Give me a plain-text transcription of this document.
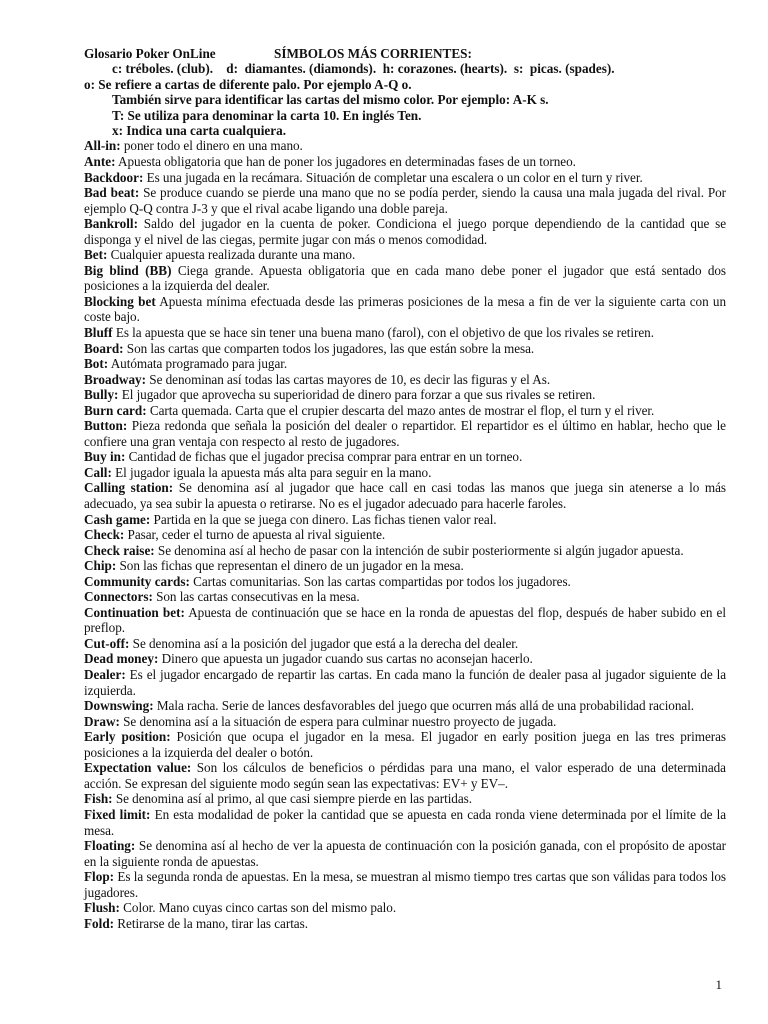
Glosario Poker OnLine	SÍMBOLOS MÁS CORRIENTES:
c: tréboles. (club).    d:  diamantes. (diamonds).  h: corazones. (hearts).  s:  picas. (spades).
o: Se refiere a cartas de diferente palo. Por ejemplo A-Q o.
También sirve para identificar las cartas del mismo color. Por ejemplo: A-K s.
T: Se utiliza para denominar la carta 10. En inglés Ten.
x: Indica una carta cualquiera.

All-in: poner todo el dinero en una mano.

Ante: Apuesta obligatoria que han de poner los jugadores en determinadas fases de un torneo.

Backdoor: Es una jugada en la recámara. Situación de completar una escalera o un color en el turn y river.

Bad beat: Se produce cuando se pierde una mano que no se podía perder, siendo la causa una mala jugada del rival. Por ejemplo Q-Q contra J-3 y que el rival acabe ligando una doble pareja.

Bankroll: Saldo del jugador en la cuenta de poker. Condiciona el juego porque dependiendo de la cantidad que se disponga y el nivel de las ciegas, permite jugar con más o menos comodidad.

Bet: Cualquier apuesta realizada durante una mano.

Big blind (BB) Ciega grande. Apuesta obligatoria que en cada mano debe poner el jugador que está sentado dos posiciones a la izquierda del dealer.

Blocking bet Apuesta mínima efectuada desde las primeras posiciones de la mesa a fin de ver la siguiente carta con un coste bajo.

Bluff Es la apuesta que se hace sin tener una buena mano (farol), con el objetivo de que los rivales se retiren.

Board: Son las cartas que comparten todos los jugadores, las que están sobre la mesa.

Bot: Autómata programado para jugar.

Broadway: Se denominan así todas las cartas mayores de 10, es decir las figuras y el As.

Bully: El jugador que aprovecha su superioridad de dinero para forzar a que sus rivales se retiren.

Burn card: Carta quemada. Carta que el crupier descarta del mazo antes de mostrar el flop, el turn y el river.

Button: Pieza redonda que señala la posición del dealer o repartidor. El repartidor es el último en hablar, hecho que le confiere una gran ventaja con respecto al resto de jugadores.

Buy in: Cantidad de fichas que el jugador precisa comprar para entrar en un torneo.

Call: El jugador iguala la apuesta más alta para seguir en la mano.

Calling station: Se denomina así al jugador que hace call en casi todas las manos que juega sin atenerse a lo más adecuado, ya sea subir la apuesta o retirarse. No es el jugador adecuado para hacerle faroles.

Cash game: Partida en la que se juega con dinero. Las fichas tienen valor real.

Check: Pasar, ceder el turno de apuesta al rival siguiente.

Check raise: Se denomina así al hecho de pasar con la intención de subir posteriormente si algún jugador apuesta.

Chip: Son las fichas que representan el dinero de un jugador en la mesa.

Community cards: Cartas comunitarias. Son las cartas compartidas por todos los jugadores.

Connectors: Son las cartas consecutivas en la mesa.

Continuation bet: Apuesta de continuación que se hace en la ronda de apuestas del flop, después de haber subido en el preflop.

Cut-off: Se denomina así a la posición del jugador que está a la derecha del dealer.

Dead money: Dinero que apuesta un jugador cuando sus cartas no aconsejan hacerlo.

Dealer: Es el jugador encargado de repartir las cartas. En cada mano la función de dealer pasa al jugador siguiente de la izquierda.

Downswing: Mala racha. Serie de lances desfavorables del juego que ocurren más allá de una probabilidad racional.

Draw: Se denomina así a la situación de espera para culminar nuestro proyecto de jugada.

Early position: Posición que ocupa el jugador en la mesa. El jugador en early position juega en las tres primeras posiciones a la izquierda del dealer o botón.

Expectation value: Son los cálculos de beneficios o pérdidas para una mano, el valor esperado de una determinada acción. Se expresan del siguiente modo según sean las expectativas: EV+ y EV–.

Fish: Se denomina así al primo, al que casi siempre pierde en las partidas.

Fixed limit: En esta modalidad de poker la cantidad que se apuesta en cada ronda viene determinada por el límite de la mesa.

Floating: Se denomina así al hecho de ver la apuesta de continuación con la posición ganada, con el propósito de apostar en la siguiente ronda de apuestas.

Flop: Es la segunda ronda de apuestas. En la mesa, se muestran al mismo tiempo tres cartas que son válidas para todos los jugadores.

Flush: Color. Mano cuyas cinco cartas son del mismo palo.

Fold: Retirarse de la mano, tirar las cartas.

1
